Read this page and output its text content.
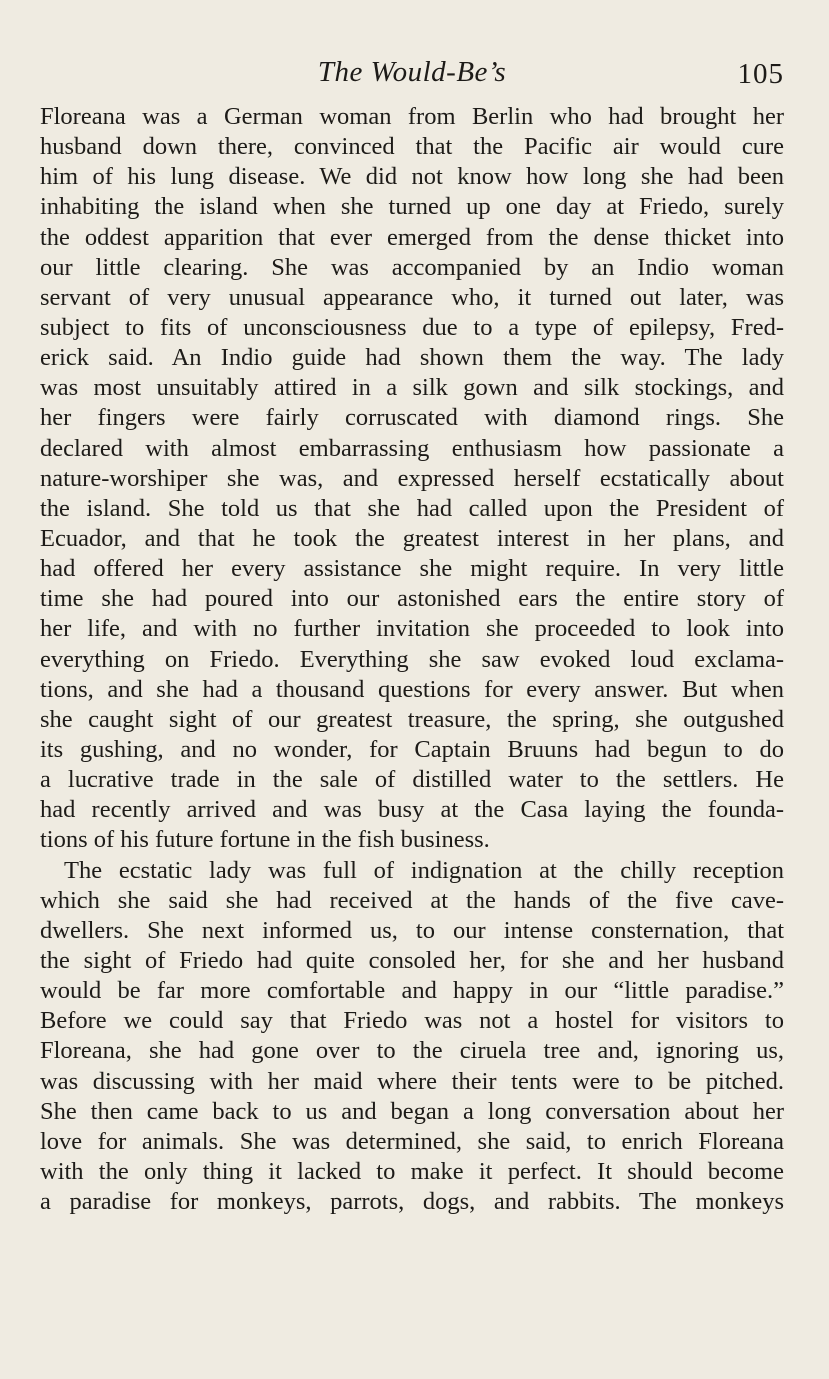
The Would-Be’s	105
Floreana was a German woman from Berlin who had brought her
husband down there, convinced that the Pacific air would cure
him of his lung disease. We did not know how long she had been
inhabiting the island when she turned up one day at Friedo, surely
the oddest apparition that ever emerged from the dense thicket into
our little clearing. She was accompanied by an Indio woman
servant of very unusual appearance who, it turned out later, was
subject to fits of unconsciousness due to a type of epilepsy, Fred-
erick said. An Indio guide had shown them the way. The lady
was most unsuitably attired in a silk gown and silk stockings, and
her fingers were fairly corruscated with diamond rings. She
declared with almost embarrassing enthusiasm how passionate a
nature-worshiper she was, and expressed herself ecstatically about
the island. She told us that she had called upon the President of
Ecuador, and that he took the greatest interest in her plans, and
had offered her every assistance she might require. In very little
time she had poured into our astonished ears the entire story of
her life, and with no further invitation she proceeded to look into
everything on Friedo. Everything she saw evoked loud exclama-
tions, and she had a thousand questions for every answer. But when
she caught sight of our greatest treasure, the spring, she outgushed
its gushing, and no wonder, for Captain Bruuns had begun to do
a lucrative trade in the sale of distilled water to the settlers. He
had recently arrived and was busy at the Casa laying the founda-
tions of his future fortune in the fish business.
The ecstatic lady was full of indignation at the chilly reception
which she said she had received at the hands of the five cave-
dwellers. She next informed us, to our intense consternation, that
the sight of Friedo had quite consoled her, for she and her husband
would be far more comfortable and happy in our “little paradise.”
Before we could say that Friedo was not a hostel for visitors to
Floreana, she had gone over to the ciruela tree and, ignoring us,
was discussing with her maid where their tents were to be pitched.
She then came back to us and began a long conversation about her
love for animals. She was determined, she said, to enrich Floreana
with the only thing it lacked to make it perfect. It should become
a paradise for monkeys, parrots, dogs, and rabbits. The monkeys
